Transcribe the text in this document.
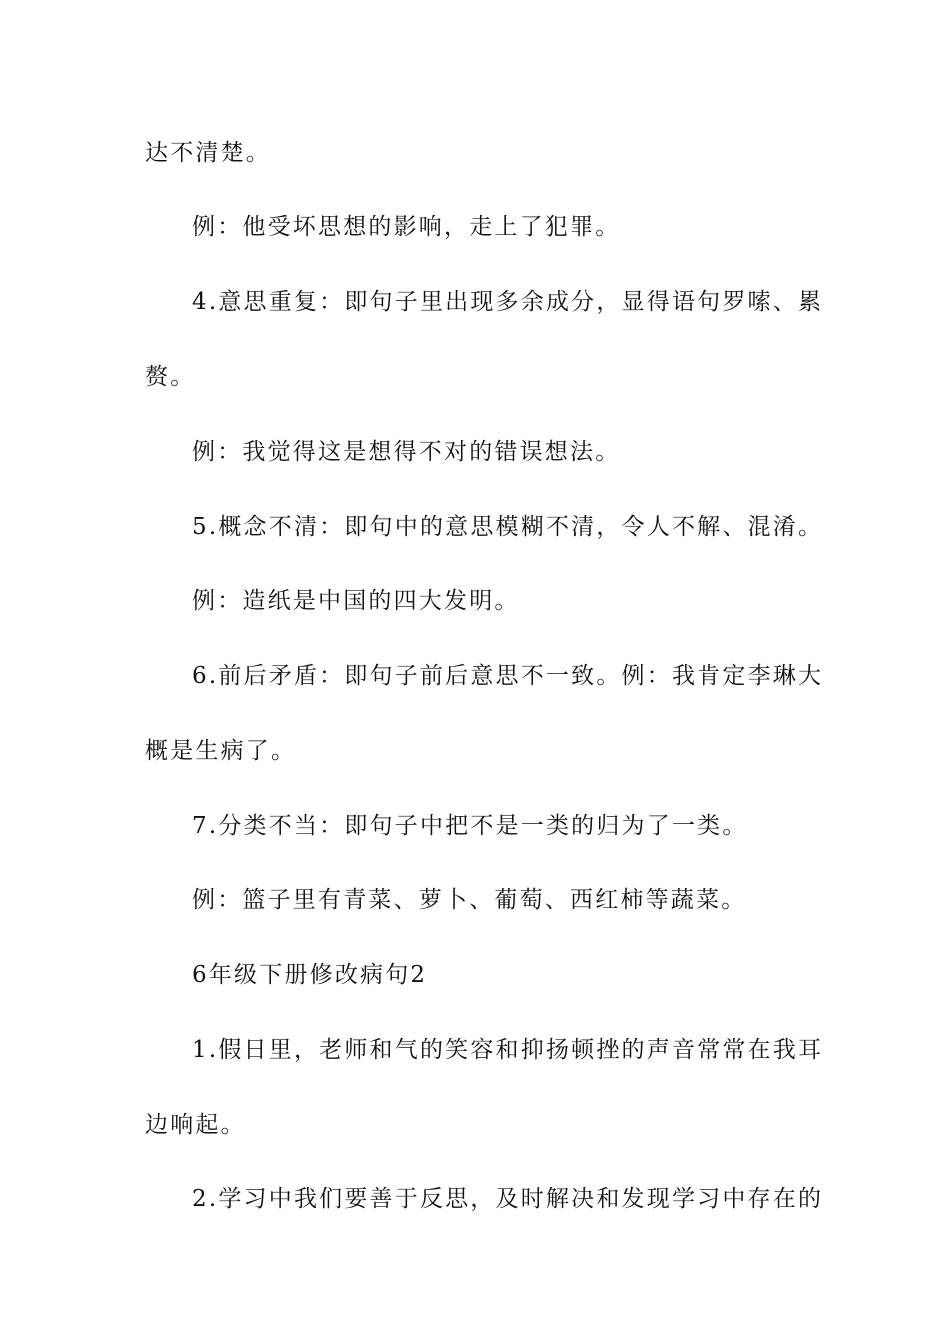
达不清楚。

例：他受坏思想的影响，走上了犯罪。

4.意思重复：即句子里出现多余成分，显得语句罗嗦、累

赘。

例：我觉得这是想得不对的错误想法。

5.概念不清：即句中的意思模糊不清，令人不解、混淆。

例：造纸是中国的四大发明。

6.前后矛盾：即句子前后意思不一致。例：我肯定李琳大

概是生病了。

7.分类不当：即句子中把不是一类的归为了一类。

例：篮子里有青菜、萝卜、葡萄、西红柿等蔬菜。

6年级下册修改病句2

1.假日里，老师和气的笑容和抑扬顿挫的声音常常在我耳

边响起。

2.学习中我们要善于反思，及时解决和发现学习中存在的
